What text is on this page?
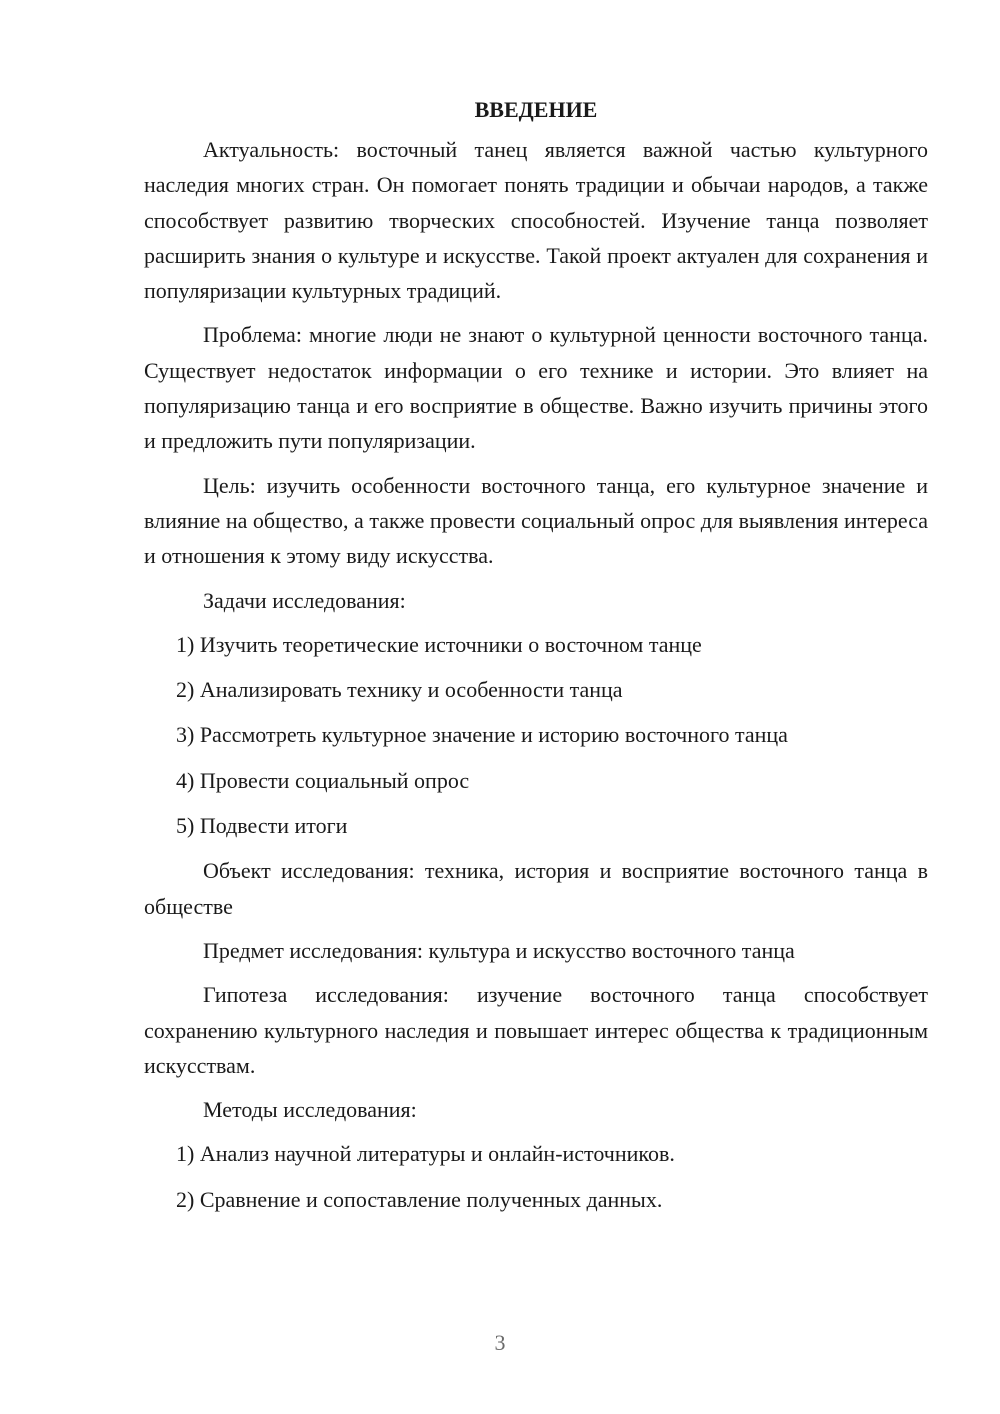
ВВЕДЕНИЕ

Актуальность: восточный танец является важной частью культурного наследия многих стран. Он помогает понять традиции и обычаи народов, а также способствует развитию творческих способностей. Изучение танца позволяет расширить знания о культуре и искусстве. Такой проект актуален для сохранения и популяризации культурных традиций.

Проблема: многие люди не знают о культурной ценности восточного танца. Существует недостаток информации о его технике и истории. Это влияет на популяризацию танца и его восприятие в обществе. Важно изучить причины этого и предложить пути популяризации.

Цель: изучить особенности восточного танца, его культурное значение и влияние на общество, а также провести социальный опрос для выявления интереса и отношения к этому виду искусства.

Задачи исследования:

1) Изучить теоретические источники о восточном танце
2) Анализировать технику и особенности танца
3) Рассмотреть культурное значение и историю восточного танца
4) Провести социальный опрос
5) Подвести итоги

Объект исследования: техника, история и восприятие восточного танца в обществе

Предмет исследования: культура и искусство восточного танца

Гипотеза исследования: изучение восточного танца способствует сохранению культурного наследия и повышает интерес общества к традиционным искусствам.

Методы исследования:

1) Анализ научной литературы и онлайн-источников.
2) Сравнение и сопоставление полученных данных.
3
